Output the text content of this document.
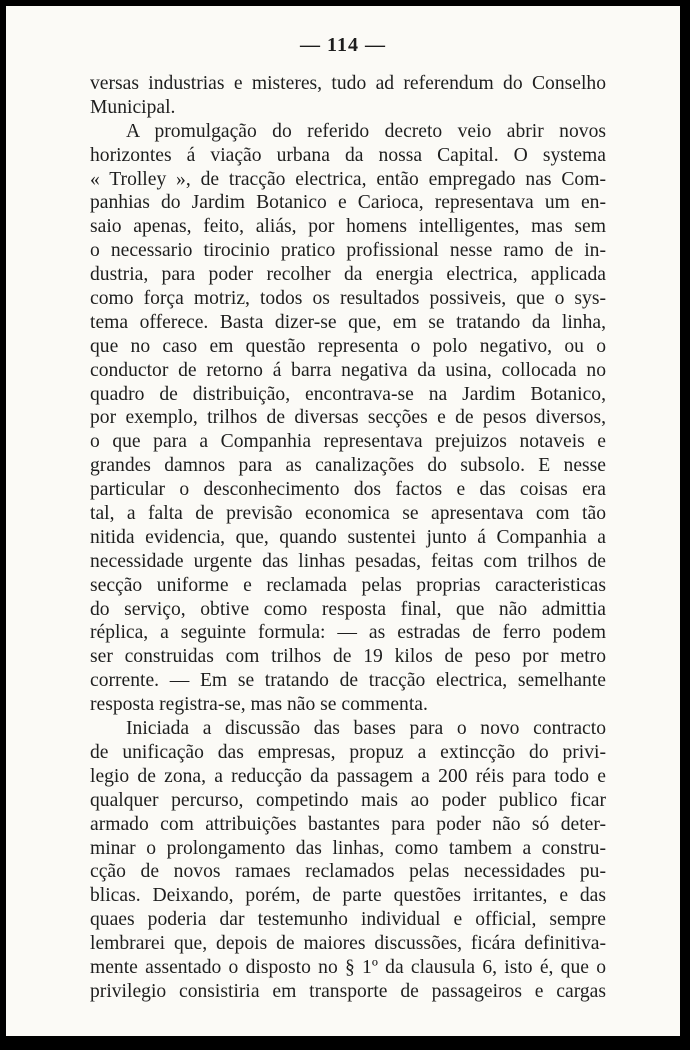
— 114 —
versas industrias e misteres, tudo ad referendum do Conselho
Municipal.
A promulgação do referido decreto veio abrir novos
horizontes á viação urbana da nossa Capital. O systema
« Trolley », de tracção electrica, então empregado nas Com-
panhias do Jardim Botanico e Carioca, representava um en-
saio apenas, feito, aliás, por homens intelligentes, mas sem
o necessario tirocinio pratico profissional nesse ramo de in-
dustria, para poder recolher da energia electrica, applicada
como força motriz, todos os resultados possiveis, que o sys-
tema offerece. Basta dizer-se que, em se tratando da linha,
que no caso em questão representa o polo negativo, ou o
conductor de retorno á barra negativa da usina, collocada no
quadro de distribuição, encontrava-se na Jardim Botanico,
por exemplo, trilhos de diversas secções e de pesos diversos,
o que para a Companhia representava prejuizos notaveis e
grandes damnos para as canalizações do subsolo. E nesse
particular o desconhecimento dos factos e das coisas era
tal, a falta de previsão economica se apresentava com tão
nitida evidencia, que, quando sustentei junto á Companhia a
necessidade urgente das linhas pesadas, feitas com trilhos de
secção uniforme e reclamada pelas proprias caracteristicas
do serviço, obtive como resposta final, que não admittia
réplica, a seguinte formula: — as estradas de ferro podem
ser construidas com trilhos de 19 kilos de peso por metro
corrente. — Em se tratando de tracção electrica, semelhante
resposta registra-se, mas não se commenta.
Iniciada a discussão das bases para o novo contracto
de unificação das empresas, propuz a extincção do privi-
legio de zona, a reducção da passagem a 200 réis para todo e
qualquer percurso, competindo mais ao poder publico ficar
armado com attribuições bastantes para poder não só deter-
minar o prolongamento das linhas, como tambem a constru-
cção de novos ramaes reclamados pelas necessidades pu-
blicas. Deixando, porém, de parte questões irritantes, e das
quaes poderia dar testemunho individual e official, sempre
lembrarei que, depois de maiores discussões, ficára definitiva-
mente assentado o disposto no § 1º da clausula 6, isto é, que o
privilegio consistiria em transporte de passageiros e cargas
